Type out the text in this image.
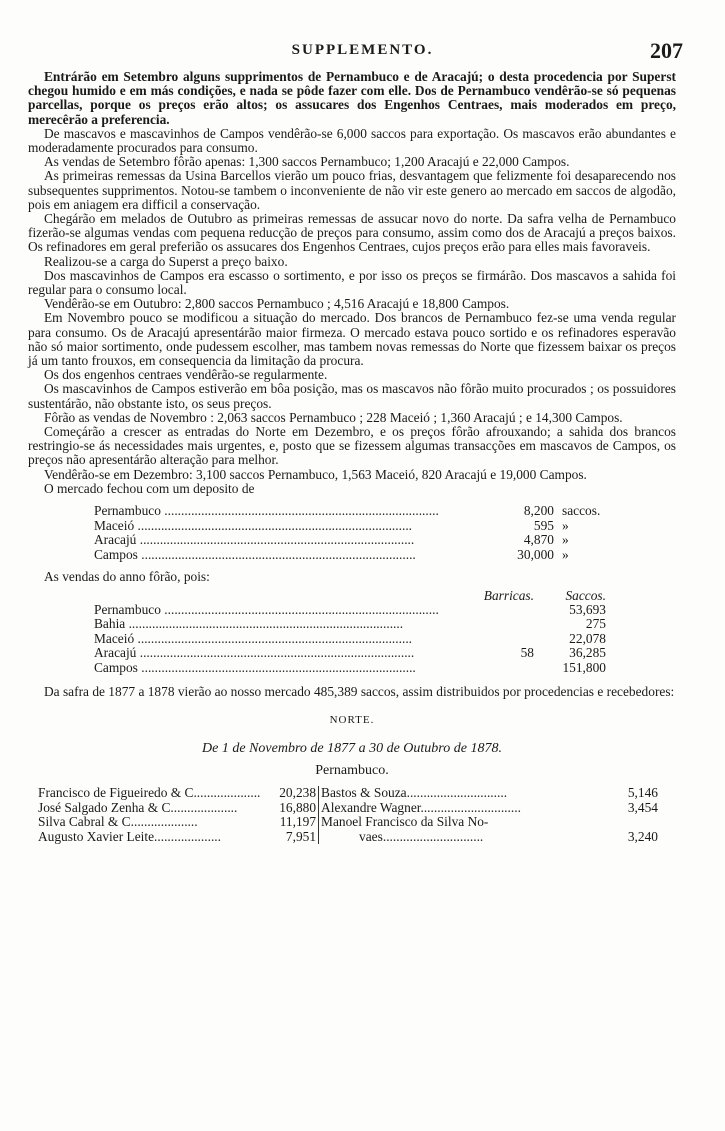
SUPPLEMENTO.	207

Entrárão em Setembro alguns supprimentos de Pernambuco e de Aracajú; o desta procedencia por Superst chegou humido e em más condições, e nada se pôde fazer com elle. Dos de Pernambuco vendêrão-se só pequenas parcellas, porque os preços erão altos; os assucares dos Engenhos Centraes, mais moderados em preço, merecêrão a preferencia.

De mascavos e mascavinhos de Campos vendêrão-se 6,000 saccos para exportação. Os mascavos erão abundantes e moderadamente procurados para consumo.

As vendas de Setembro fôrão apenas: 1,300 saccos Pernambuco; 1,200 Aracajú e 22,000 Campos.

As primeiras remessas da Usina Barcellos vierão um pouco frias, desvantagem que felizmente foi desaparecendo nos subsequentes supprimentos. Notou-se tambem o inconveniente de não vir este genero ao mercado em saccos de algodão, pois em aniagem era difficil a conservação.

Chegárão em melados de Outubro as primeiras remessas de assucar novo do norte. Da safra velha de Pernambuco fizerão-se algumas vendas com pequena reducção de preços para consumo, assim como dos de Aracajú a preços baixos. Os refinadores em geral preferião os assucares dos Engenhos Centraes, cujos preços erão para elles mais favoraveis.

Realizou-se a carga do Superst a preço baixo.

Dos mascavinhos de Campos era escasso o sortimento, e por isso os preços se firmárão. Dos mascavos a sahida foi regular para o consumo local.

Vendêrão-se em Outubro: 2,800 saccos Pernambuco ; 4,516 Aracajú e 18,800 Campos.

Em Novembro pouco se modificou a situação do mercado. Dos brancos de Pernambuco fez-se uma venda regular para consumo. Os de Aracajú apresentárão maior firmeza. O mercado estava pouco sortido e os refinadores esperavão não só maior sortimento, onde pudessem escolher, mas tambem novas remessas do Norte que fizessem baixar os preços já um tanto frouxos, em consequencia da limitação da procura.

Os dos engenhos centraes vendêrão-se regularmente.

Os mascavinhos de Campos estiverão em bôa posição, mas os mascavos não fôrão muito procurados ; os possuidores sustentárão, não obstante isto, os seus preços.

Fôrão as vendas de Novembro : 2,063 saccos Pernambuco ; 228 Maceió ; 1,360 Aracajú ; e 14,300 Campos.

Começárão a crescer as entradas do Norte em Dezembro, e os preços fôrão afrouxando; a sahida dos brancos restringio-se ás necessidades mais urgentes, e, posto que se fizessem algumas transacções em mascavos de Campos, os preços não apresentárão alteração para melhor.

Vendêrão-se em Dezembro: 3,100 saccos Pernambuco, 1,563 Maceió, 820 Aracajú e 19,000 Campos.

O mercado fechou com um deposito de

Pernambuco ..................................................................................	8,200	saccos.
Maceió ..................................................................................	595	»
Aracajú ..................................................................................	4,870	»
Campos ..................................................................................	30,000	»

As vendas do anno fôrão, pois:

	Barricas.	Saccos.
Pernambuco ..................................................................................		53,693
Bahia ..................................................................................		275
Maceió ..................................................................................		22,078
Aracajú ..................................................................................	58	36,285
Campos ..................................................................................		151,800

Da safra de 1877 a 1878 vierão ao nosso mercado 485,389 saccos, assim distribuidos por procedencias e recebedores:

NORTE.
De 1 de Novembro de 1877 a 30 de Outubro de 1878.
Pernambuco.
Francisco de Figueiredo & C....................	20,238	Bastos & Souza..............................	5,146
José Salgado Zenha & C....................	16,880	Alexandre Wagner..............................	3,454
Silva Cabral & C....................	11,197	Manoel Francisco da Silva No-	
Augusto Xavier Leite....................	7,951	vaes..............................	3,240
